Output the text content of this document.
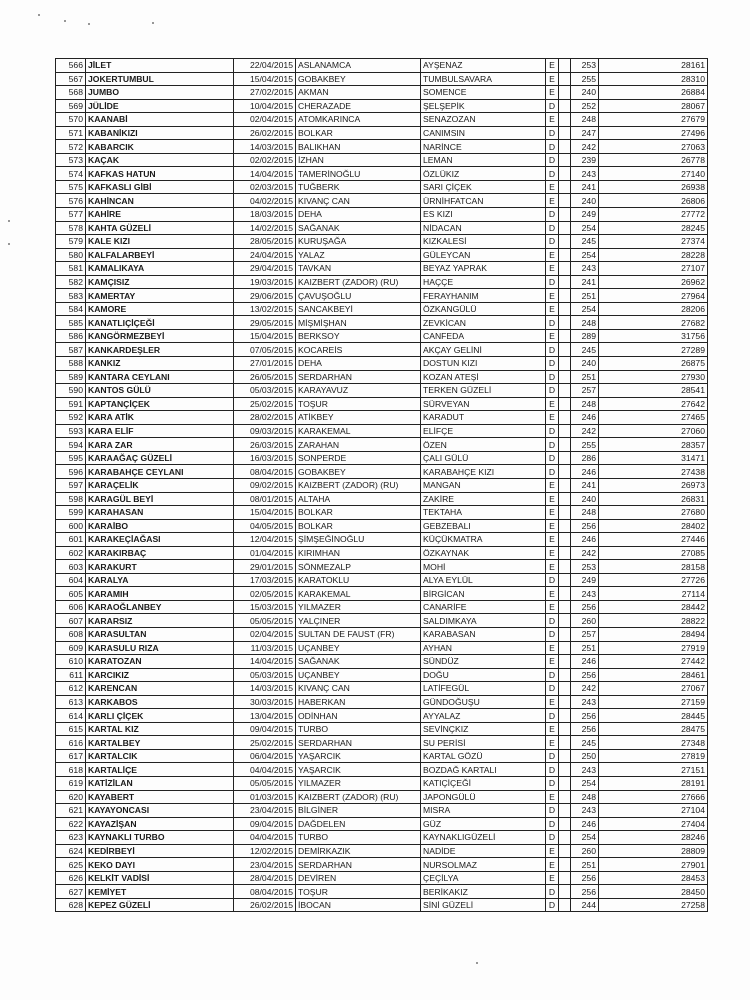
566	JİLET	22/04/2015	ASLANAMCA	AYŞENAZ	E		253	28161
567	JOKERTUMBUL	15/04/2015	GOBAKBEY	TUMBULSAVARA	E		255	28310
568	JUMBO	27/02/2015	AKMAN	SOMENCE	E		240	26884
569	JÜLİDE	10/04/2015	CHERAZADE	ŞELŞEPİK	D		252	28067
570	KAANABİ	02/04/2015	ATOMKARINCA	SENAZOZAN	E		248	27679
571	KABANİKIZI	26/02/2015	BOLKAR	CANIMSIN	D		247	27496
572	KABARCIK	14/03/2015	BALIKHAN	NARİNCE	D		242	27063
573	KAÇAK	02/02/2015	İZHAN	LEMAN	D		239	26778
574	KAFKAS HATUN	14/04/2015	TAMERİNOĞLU	ÖZLÜKIZ	D		243	27140
575	KAFKASLI GİBİ	02/03/2015	TUĞBERK	SARI ÇİÇEK	E		241	26938
576	KAHİNCAN	04/02/2015	KIVANÇ CAN	ÜRNİHFATCAN	E		240	26806
577	KAHİRE	18/03/2015	DEHA	ES KIZI	D		249	27772
578	KAHTA GÜZELİ	14/02/2015	SAĞANAK	NİDACAN	D		254	28245
579	KALE KIZI	28/05/2015	KURUŞAĞA	KIZKALESİ	D		245	27374
580	KALFALARBEYİ	24/04/2015	YALAZ	GÜLEYCAN	E		254	28228
581	KAMALIKAYA	29/04/2015	TAVKAN	BEYAZ YAPRAK	E		243	27107
582	KAMÇISIZ	19/03/2015	KAIZBERT (ZADOR) (RU)	HAÇÇE	D		241	26962
583	KAMERTAY	29/06/2015	ÇAVUŞOĞLU	FERAYHANIM	E		251	27964
584	KAMORE	13/02/2015	SANCAKBEYİ	ÖZKANGÜLÜ	E		254	28206
585	KANATLIÇİÇEĞİ	29/05/2015	MİŞMİŞHAN	ZEVKİCAN	D		248	27682
586	KANGÖRMEZBEYİ	15/04/2015	BERKSOY	CANFEDA	E		289	31756
587	KANKARDEŞLER	07/05/2015	KOCAREİS	AKÇAY GELİNİ	D		245	27289
588	KANKIZ	27/01/2015	DEHA	DOSTUN KIZI	D		240	26875
589	KANTARA CEYLANI	26/05/2015	SERDARHAN	KOZAN ATEŞİ	D		251	27930
590	KANTOS GÜLÜ	05/03/2015	KARAYAVUZ	TERKEN GÜZELİ	D		257	28541
591	KAPTANÇİÇEK	25/02/2015	TOŞUR	SÜRVEYAN	E		248	27642
592	KARA ATİK	28/02/2015	ATİKBEY	KARADUT	E		246	27465
593	KARA ELİF	09/03/2015	KARAKEMAL	ELİFÇE	D		242	27060
594	KARA ZAR	26/03/2015	ZARAHAN	ÖZEN	D		255	28357
595	KARAAĞAÇ GÜZELİ	16/03/2015	SONPERDE	ÇALI GÜLÜ	D		286	31471
596	KARABAHÇE CEYLANI	08/04/2015	GOBAKBEY	KARABAHÇE KIZI	D		246	27438
597	KARAÇELİK	09/02/2015	KAIZBERT (ZADOR) (RU)	MANGAN	E		241	26973
598	KARAGÜL BEYİ	08/01/2015	ALTAHA	ZAKİRE	E		240	26831
599	KARAHASAN	15/04/2015	BOLKAR	TEKTAHA	E		248	27680
600	KARAİBO	04/05/2015	BOLKAR	GEBZEBALI	E		256	28402
601	KARAKEÇİAĞASI	12/04/2015	ŞİMŞEĞİNOĞLU	KÜÇÜKMATRA	E		246	27446
602	KARAKIRBAÇ	01/04/2015	KIRIMHAN	ÖZKAYNAK	E		242	27085
603	KARAKURT	29/01/2015	SÖNMEZALP	MOHİ	E		253	28158
604	KARALYA	17/03/2015	KARATOKLU	ALYA EYLÜL	D		249	27726
605	KARAMIH	02/05/2015	KARAKEMAL	BİRGİCAN	E		243	27114
606	KARAOĞLANBEY	15/03/2015	YILMAZER	CANARİFE	E		256	28442
607	KARARSIZ	05/05/2015	YALÇINER	SALDIMKAYA	D		260	28822
608	KARASULTAN	02/04/2015	SULTAN DE FAUST (FR)	KARABASAN	D		257	28494
609	KARASULU RIZA	11/03/2015	UÇANBEY	AYHAN	E		251	27919
610	KARATOZAN	14/04/2015	SAĞANAK	SÜNDÜZ	E		246	27442
611	KARCIKIZ	05/03/2015	UÇANBEY	DOĞU	D		256	28461
612	KARENCAN	14/03/2015	KIVANÇ CAN	LATİFEGÜL	D		242	27067
613	KARKABOS	30/03/2015	HABERKAN	GÜNDOĞUŞU	E		243	27159
614	KARLI ÇİÇEK	13/04/2015	ODİNHAN	AYYALAZ	D		256	28445
615	KARTAL KIZ	09/04/2015	TURBO	SEVİNÇKIZ	E		256	28475
616	KARTALBEY	25/02/2015	SERDARHAN	SU PERİSİ	E		245	27348
617	KARTALCIK	06/04/2015	YAŞARCIK	KARTAL GÖZÜ	D		250	27819
618	KARTALİÇE	04/04/2015	YAŞARCIK	BOZDAĞ KARTALI	D		243	27151
619	KATİZİLAN	05/05/2015	YILMAZER	KATIÇİÇEĞİ	D		254	28191
620	KAYABERT	01/03/2015	KAIZBERT (ZADOR) (RU)	JAPONGÜLÜ	E		248	27666
621	KAYAYONCASI	23/04/2015	BİLGİNER	MISRA	D		243	27104
622	KAYAZİŞAN	09/04/2015	DAĞDELEN	GÜZ	D		246	27404
623	KAYNAKLI TURBO	04/04/2015	TURBO	KAYNAKLIGÜZELİ	D		254	28246
624	KEDİRBEYİ	12/02/2015	DEMİRKAZIK	NADİDE	E		260	28809
625	KEKO DAYI	23/04/2015	SERDARHAN	NURSOLMAZ	E		251	27901
626	KELKİT VADİSİ	28/04/2015	DEVİREN	ÇEÇİLYA	E		256	28453
627	KEMİYET	08/04/2015	TOŞUR	BERİKAKIZ	D		256	28450
628	KEPEZ GÜZELİ	26/02/2015	İBOCAN	SİNİ GÜZELİ	D		244	27258
